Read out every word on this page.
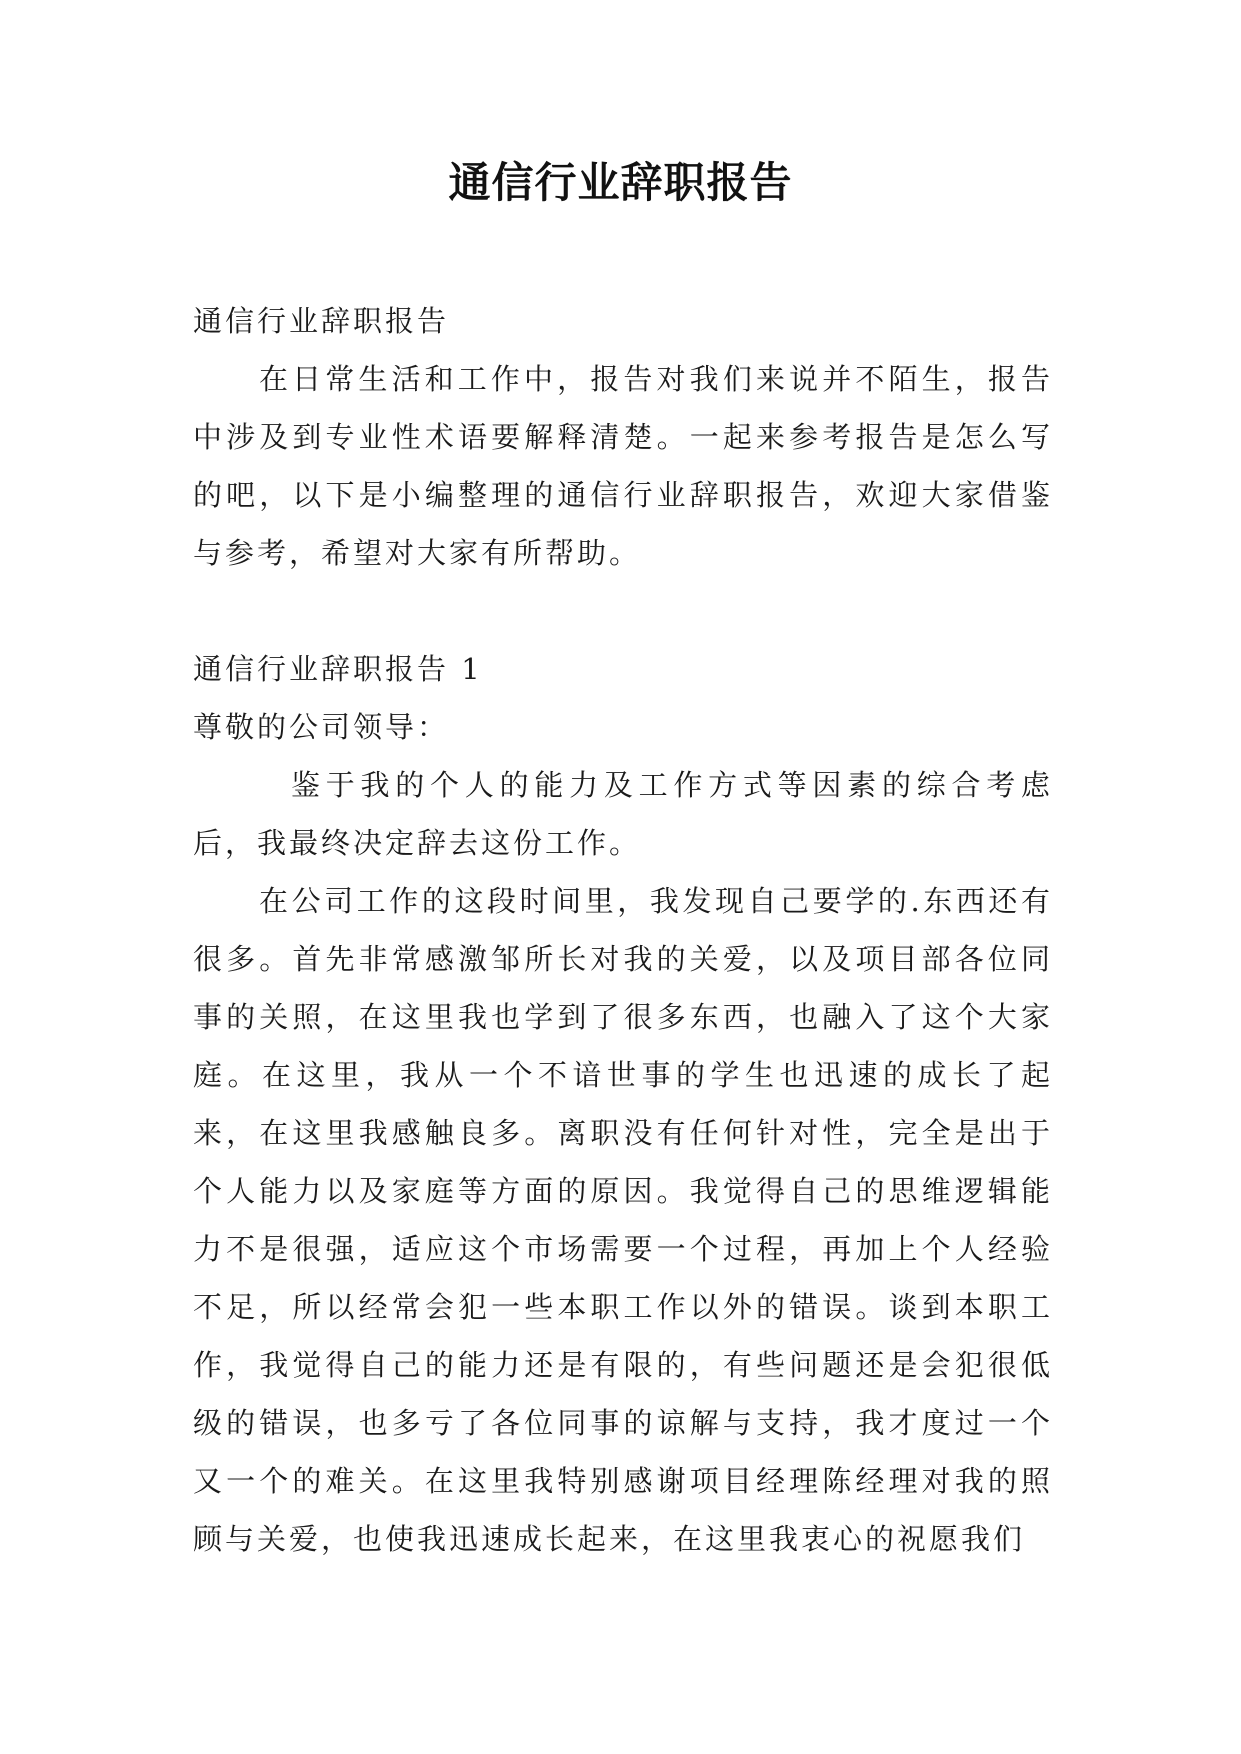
通信行业辞职报告

通信行业辞职报告

在日常生活和工作中，报告对我们来说并不陌生，报告中涉及到专业性术语要解释清楚。一起来参考报告是怎么写的吧，以下是小编整理的通信行业辞职报告，欢迎大家借鉴与参考，希望对大家有所帮助。

通信行业辞职报告 1

尊敬的公司领导：

鉴于我的个人的能力及工作方式等因素的综合考虑后，我最终决定辞去这份工作。

在公司工作的这段时间里，我发现自己要学的.东西还有很多。首先非常感激邹所长对我的关爱，以及项目部各位同事的关照，在这里我也学到了很多东西，也融入了这个大家庭。在这里，我从一个不谙世事的学生也迅速的成长了起来，在这里我感触良多。离职没有任何针对性，完全是出于个人能力以及家庭等方面的原因。我觉得自己的思维逻辑能力不是很强，适应这个市场需要一个过程，再加上个人经验不足，所以经常会犯一些本职工作以外的错误。谈到本职工作，我觉得自己的能力还是有限的，有些问题还是会犯很低级的错误，也多亏了各位同事的谅解与支持，我才度过一个又一个的难关。在这里我特别感谢项目经理陈经理对我的照顾与关爱，也使我迅速成长起来，在这里我衷心的祝愿我们
